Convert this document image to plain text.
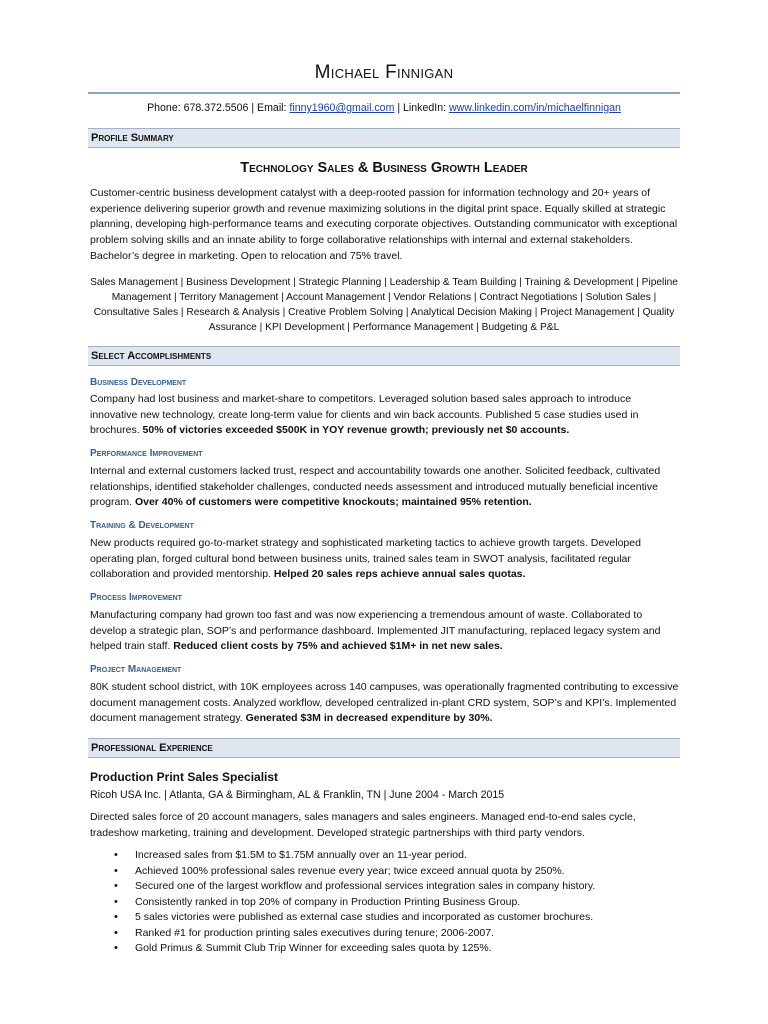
Michael Finnigan
Phone: 678.372.5506 | Email: finny1960@gmail.com | LinkedIn: www.linkedin.com/in/michaelfinnigan
Profile Summary
Technology Sales & Business Growth Leader
Customer-centric business development catalyst with a deep-rooted passion for information technology and 20+ years of experience delivering superior growth and revenue maximizing solutions in the digital print space. Equally skilled at strategic planning, developing high-performance teams and executing corporate objectives. Outstanding communicator with exceptional problem solving skills and an innate ability to forge collaborative relationships with internal and external stakeholders. Bachelor’s degree in marketing. Open to relocation and 75% travel.
Sales Management | Business Development | Strategic Planning | Leadership & Team Building | Training & Development | Pipeline Management | Territory Management | Account Management | Vendor Relations | Contract Negotiations | Solution Sales | Consultative Sales | Research & Analysis | Creative Problem Solving | Analytical Decision Making | Project Management | Quality Assurance | KPI Development | Performance Management | Budgeting & P&L
Select Accomplishments
Business Development
Company had lost business and market-share to competitors. Leveraged solution based sales approach to introduce innovative new technology, create long-term value for clients and win back accounts. Published 5 case studies used in brochures. 50% of victories exceeded $500K in YOY revenue growth; previously net $0 accounts.
Performance Improvement
Internal and external customers lacked trust, respect and accountability towards one another. Solicited feedback, cultivated relationships, identified stakeholder challenges, conducted needs assessment and introduced mutually beneficial incentive program. Over 40% of customers were competitive knockouts; maintained 95% retention.
Training & Development
New products required go-to-market strategy and sophisticated marketing tactics to achieve growth targets. Developed operating plan, forged cultural bond between business units, trained sales team in SWOT analysis, facilitated regular collaboration and provided mentorship. Helped 20 sales reps achieve annual sales quotas.
Process Improvement
Manufacturing company had grown too fast and was now experiencing a tremendous amount of waste. Collaborated to develop a strategic plan, SOP’s and performance dashboard. Implemented JIT manufacturing, replaced legacy system and helped train staff. Reduced client costs by 75% and achieved $1M+ in net new sales.
Project Management
80K student school district, with 10K employees across 140 campuses, was operationally fragmented contributing to excessive document management costs. Analyzed workflow, developed centralized in-plant CRD system, SOP’s and KPI’s. Implemented document management strategy. Generated $3M in decreased expenditure by 30%.
Professional Experience
Production Print Sales Specialist
Ricoh USA Inc. | Atlanta, GA & Birmingham, AL & Franklin, TN | June 2004 - March 2015
Directed sales force of 20 account managers, sales managers and sales engineers. Managed end-to-end sales cycle, tradeshow marketing, training and development. Developed strategic partnerships with third party vendors.
• Increased sales from $1.5M to $1.75M annually over an 11-year period.
• Achieved 100% professional sales revenue every year; twice exceed annual quota by 250%.
• Secured one of the largest workflow and professional services integration sales in company history.
• Consistently ranked in top 20% of company in Production Printing Business Group.
• 5 sales victories were published as external case studies and incorporated as customer brochures.
• Ranked #1 for production printing sales executives during tenure; 2006-2007.
• Gold Primus & Summit Club Trip Winner for exceeding sales quota by 125%.
